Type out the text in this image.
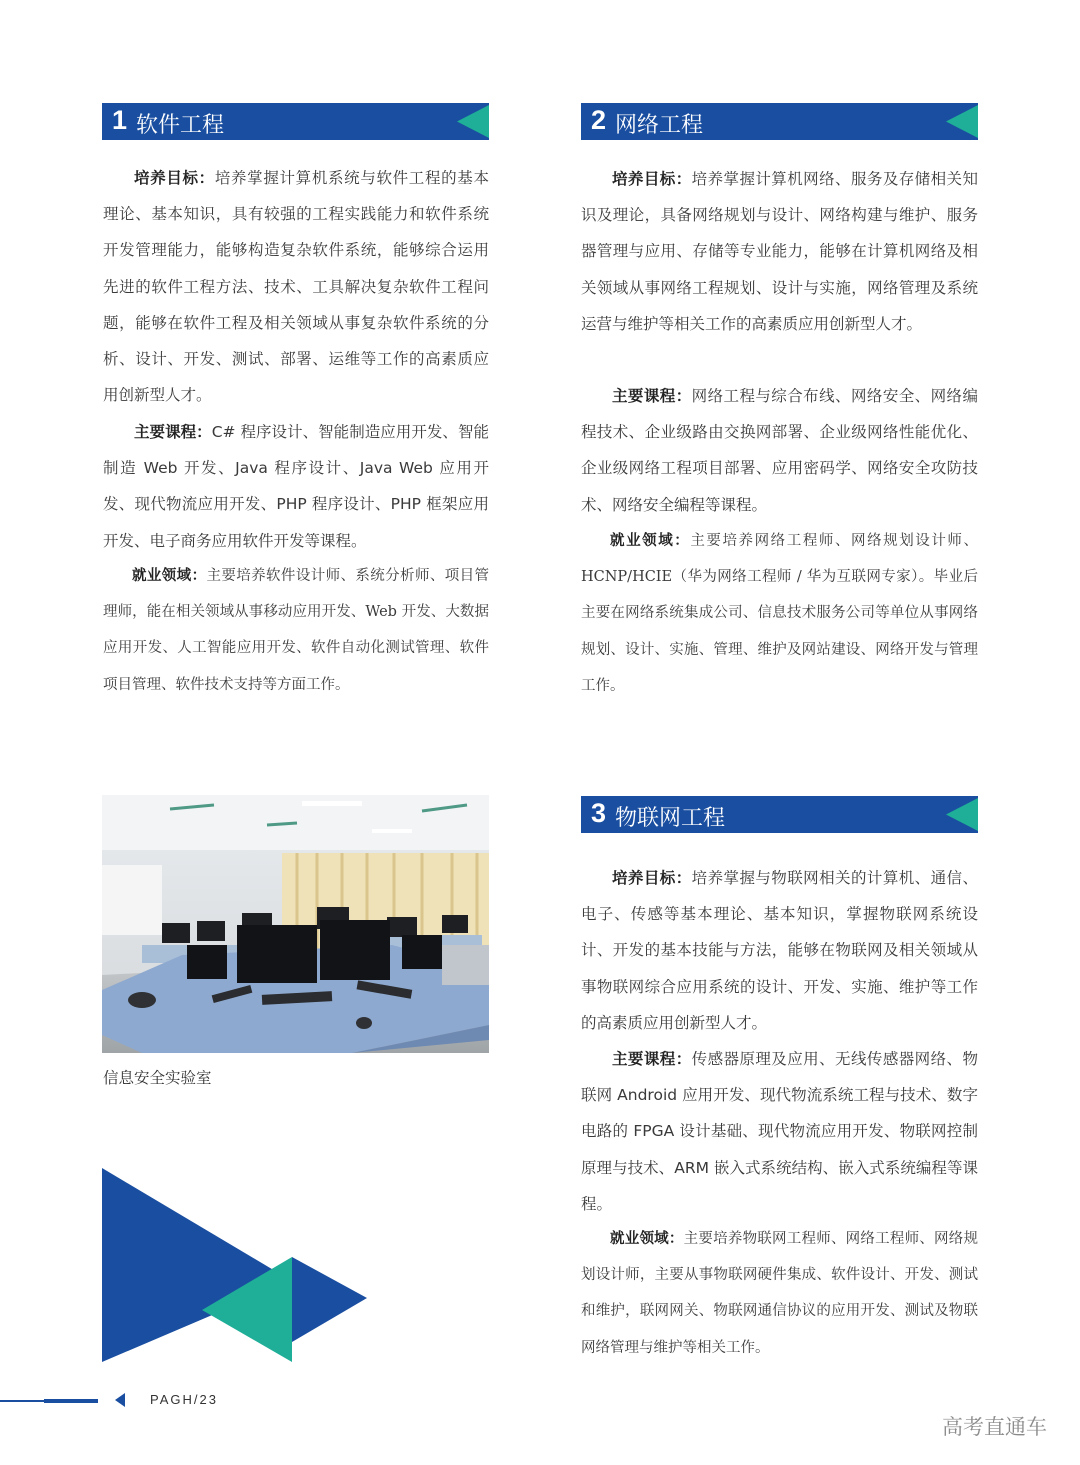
1 软件工程

培养目标：培养掌握计算机系统与软件工程的基本理论、基本知识，具有较强的工程实践能力和软件系统开发管理能力，能够构造复杂软件系统，能够综合运用先进的软件工程方法、技术、工具解决复杂软件工程问题，能够在软件工程及相关领域从事复杂软件系统的分析、设计、开发、测试、部署、运维等工作的高素质应用创新型人才。

主要课程：C# 程序设计、智能制造应用开发、智能制造 Web 开发、Java 程序设计、Java Web 应用开发、现代物流应用开发、PHP 程序设计、PHP 框架应用开发、电子商务应用软件开发等课程。

就业领域：主要培养软件设计师、系统分析师、项目管理师，能在相关领域从事移动应用开发、Web 开发、大数据应用开发、人工智能应用开发、软件自动化测试管理、软件项目管理、软件技术支持等方面工作。

2 网络工程

培养目标：培养掌握计算机网络、服务及存储相关知识及理论，具备网络规划与设计、网络构建与维护、服务器管理与应用、存储等专业能力，能够在计算机网络及相关领域从事网络工程规划、设计与实施，网络管理及系统运营与维护等相关工作的高素质应用创新型人才。

主要课程：网络工程与综合布线、网络安全、网络编程技术、企业级路由交换网部署、企业级网络性能优化、企业级网络工程项目部署、应用密码学、网络安全攻防技术、网络安全编程等课程。

就业领域：主要培养网络工程师、网络规划设计师、HCNP/HCIE（华为网络工程师 / 华为互联网专家）。毕业后主要在网络系统集成公司、信息技术服务公司等单位从事网络规划、设计、实施、管理、维护及网站建设、网络开发与管理工作。

3 物联网工程

培养目标：培养掌握与物联网相关的计算机、通信、电子、传感等基本理论、基本知识，掌握物联网系统设计、开发的基本技能与方法，能够在物联网及相关领域从事物联网综合应用系统的设计、开发、实施、维护等工作的高素质应用创新型人才。

主要课程：传感器原理及应用、无线传感器网络、物联网 Android 应用开发、现代物流系统工程与技术、数字电路的 FPGA 设计基础、现代物流应用开发、物联网控制原理与技术、ARM 嵌入式系统结构、嵌入式系统编程等课程。

就业领域：主要培养物联网工程师、网络工程师、网络规划设计师，主要从事物联网硬件集成、软件设计、开发、测试和维护，联网网关、物联网通信协议的应用开发、测试及物联网络管理与维护等相关工作。

信息安全实验室
PAGH/23
高考直通车
